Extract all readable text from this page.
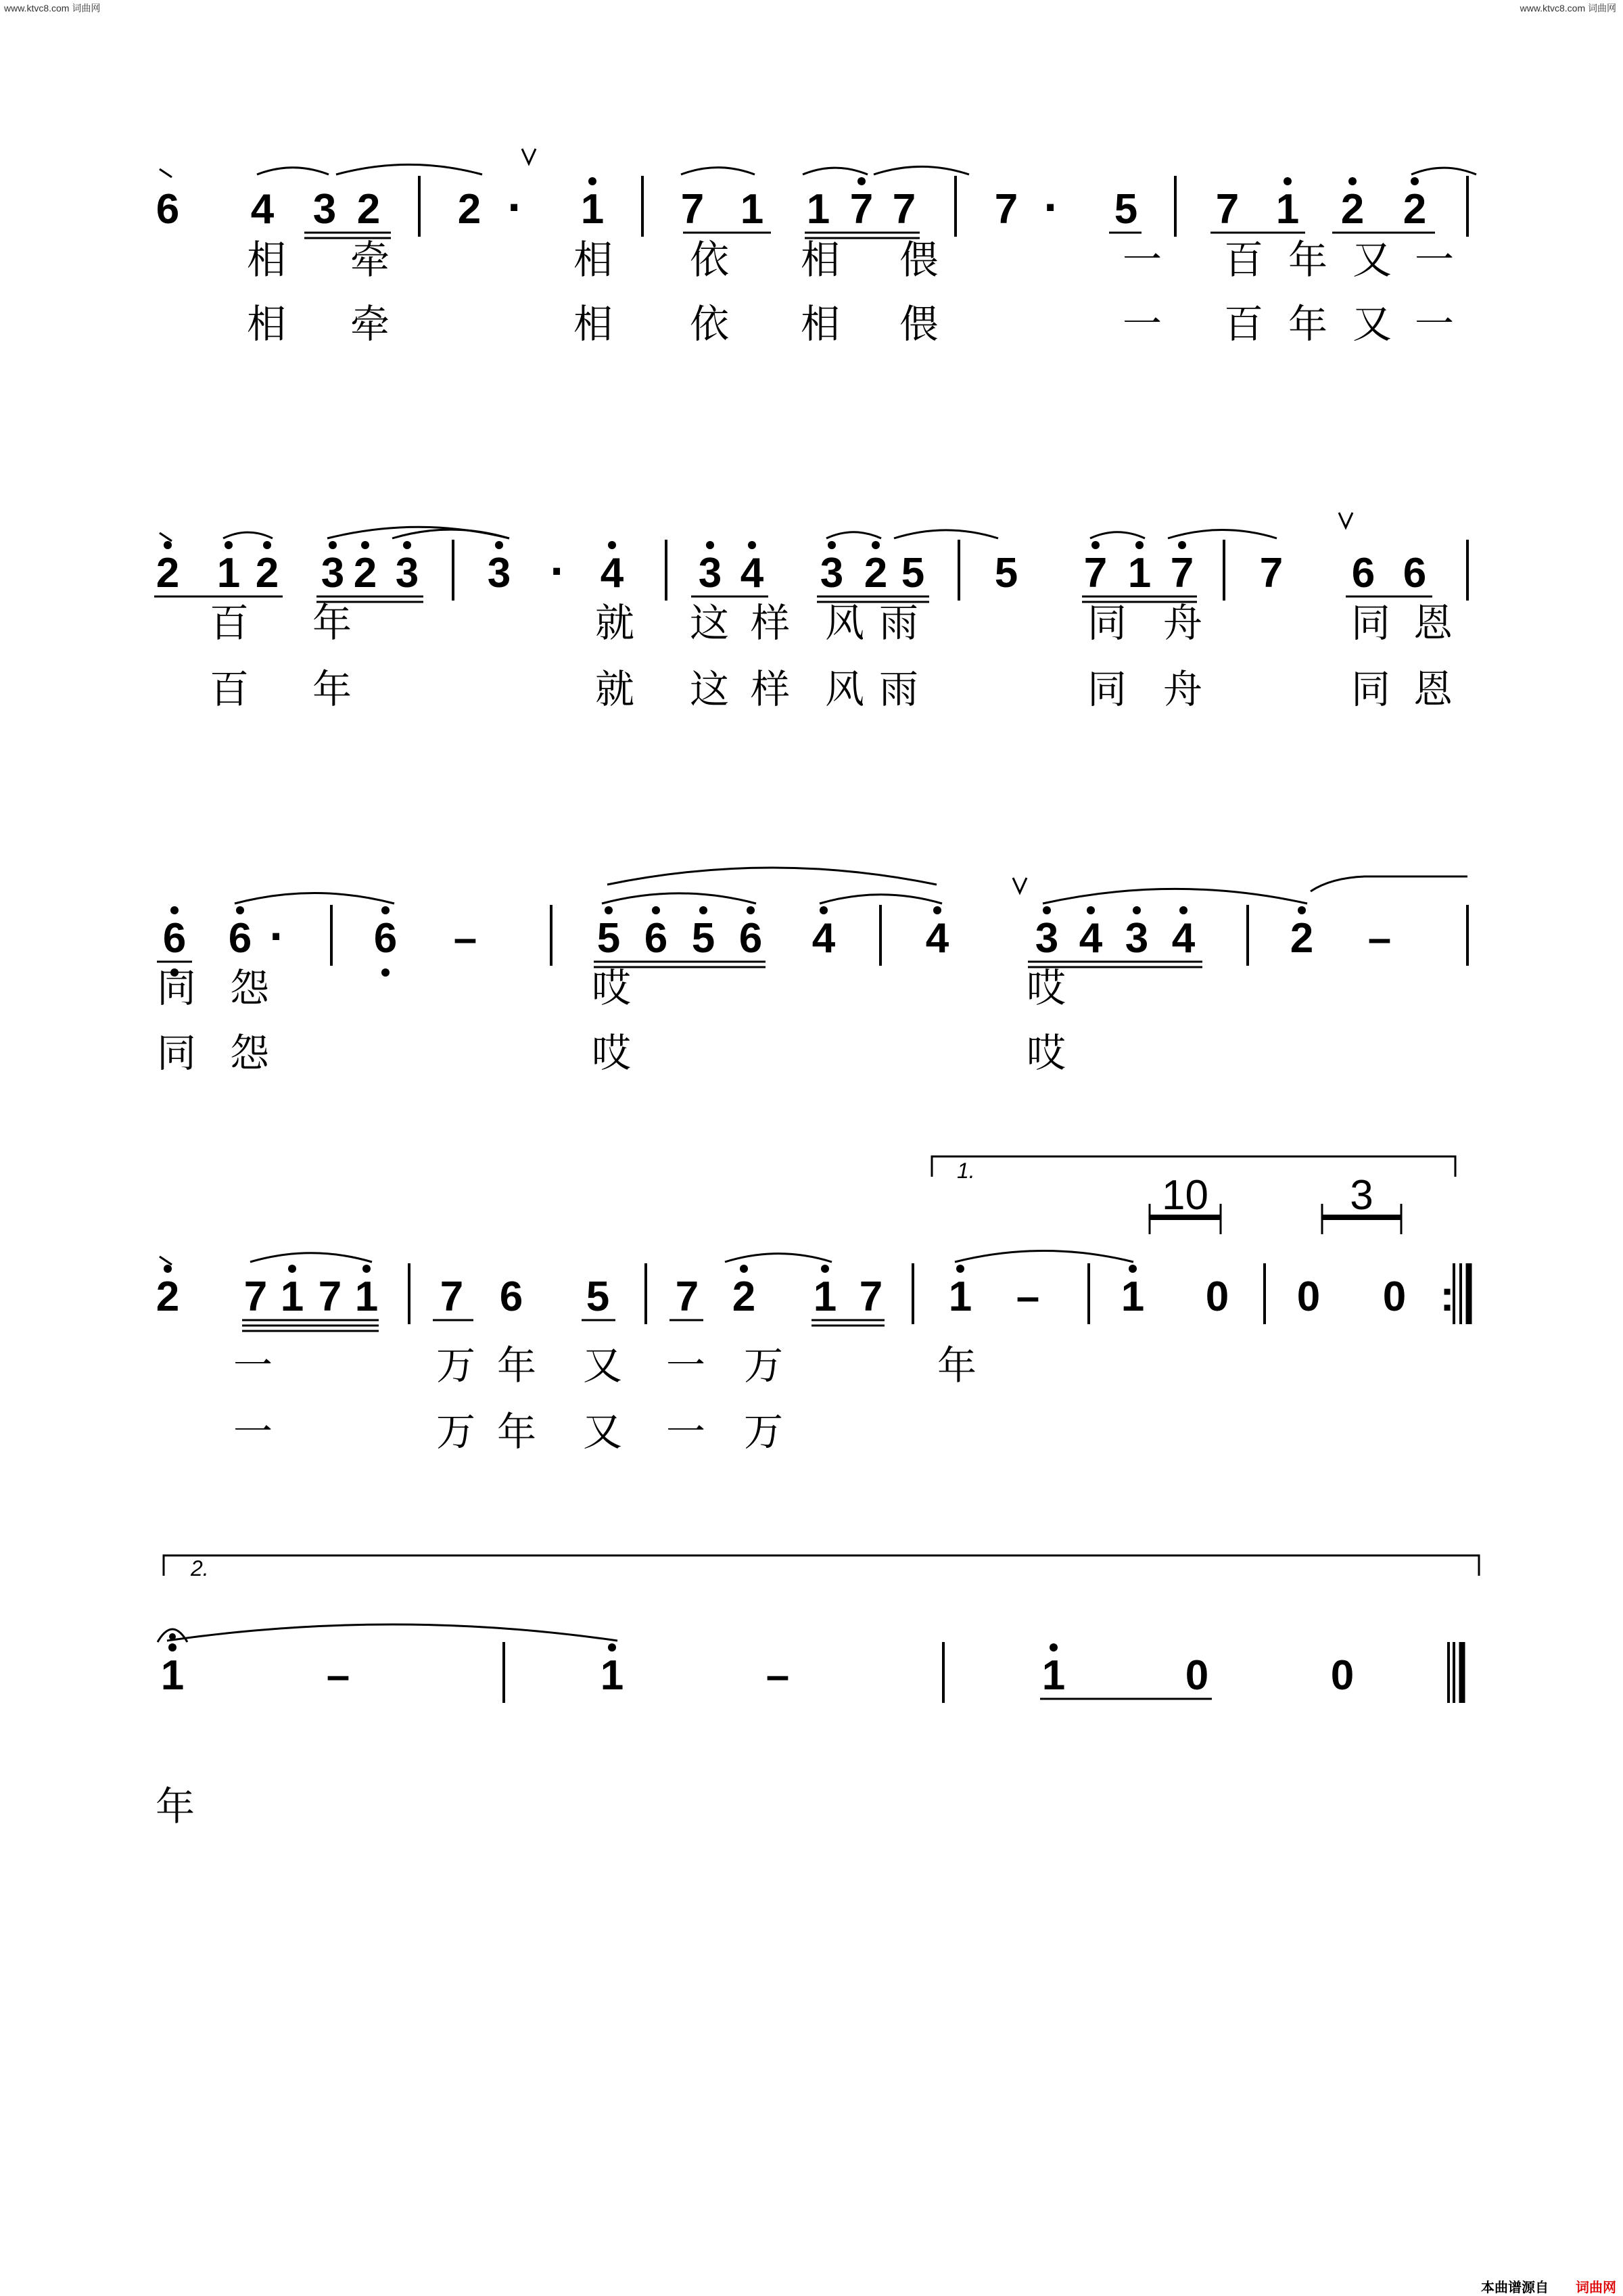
www.ktvc8.com 词曲网	www.ktvc8.com 词曲网
1.
2.
10	3
6 4 3 2 2 · 1 7 1 1 7 7 7 · 5 7 1 2 2
2 1 2 3 2 3 3 · 4 3 4 3 2 5 5 7 1 7 7 6 6
6 6 · 6 –	5 6 5 6 4 4 3 4 3 4 2 –
2 7 1 7 1 7 6 5 7 2 1 7 1 – 1 0 0 0 :
1	–	1	–	1	0	0
相 牵	相 依 相 偎	一 百 年 又 一
相 牵	相 依 相 偎	一 百 年 又 一
百 年	就 这 样 风 雨	同 舟	同 恩
百 年	就 这 样 风 雨	同 舟	同 恩
同 怨	哎	哎
同 怨	哎	哎
一	万 年 又 一 万	年
一	万 年 又 一 万
年
本曲谱源自 词曲网
